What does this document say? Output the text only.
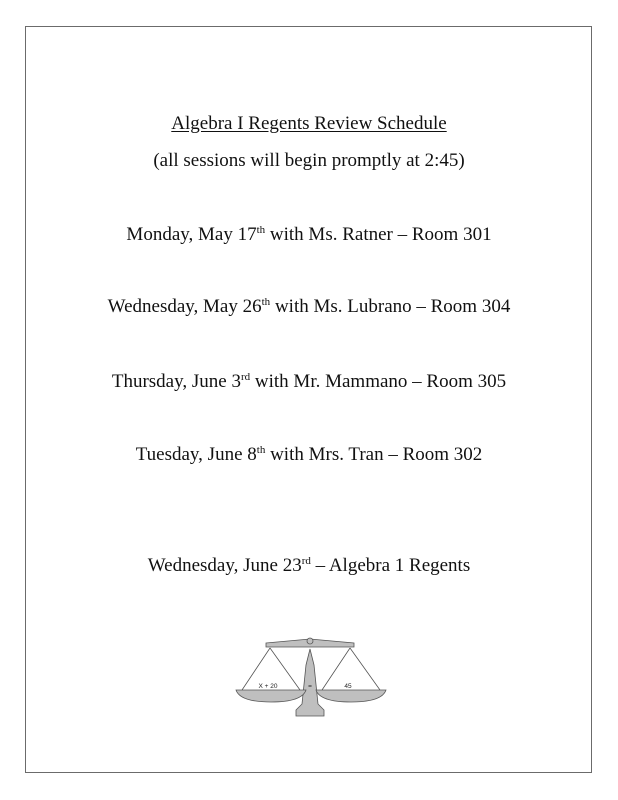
Algebra I Regents Review Schedule
(all sessions will begin promptly at 2:45)
Monday, May 17th with Ms. Ratner – Room 301
Wednesday, May 26th with Ms. Lubrano – Room 304
Thursday, June 3rd with Mr. Mammano – Room 305
Tuesday, June 8th with Mrs. Tran – Room 302
Wednesday, June 23rd – Algebra 1 Regents
X + 20	=	45
